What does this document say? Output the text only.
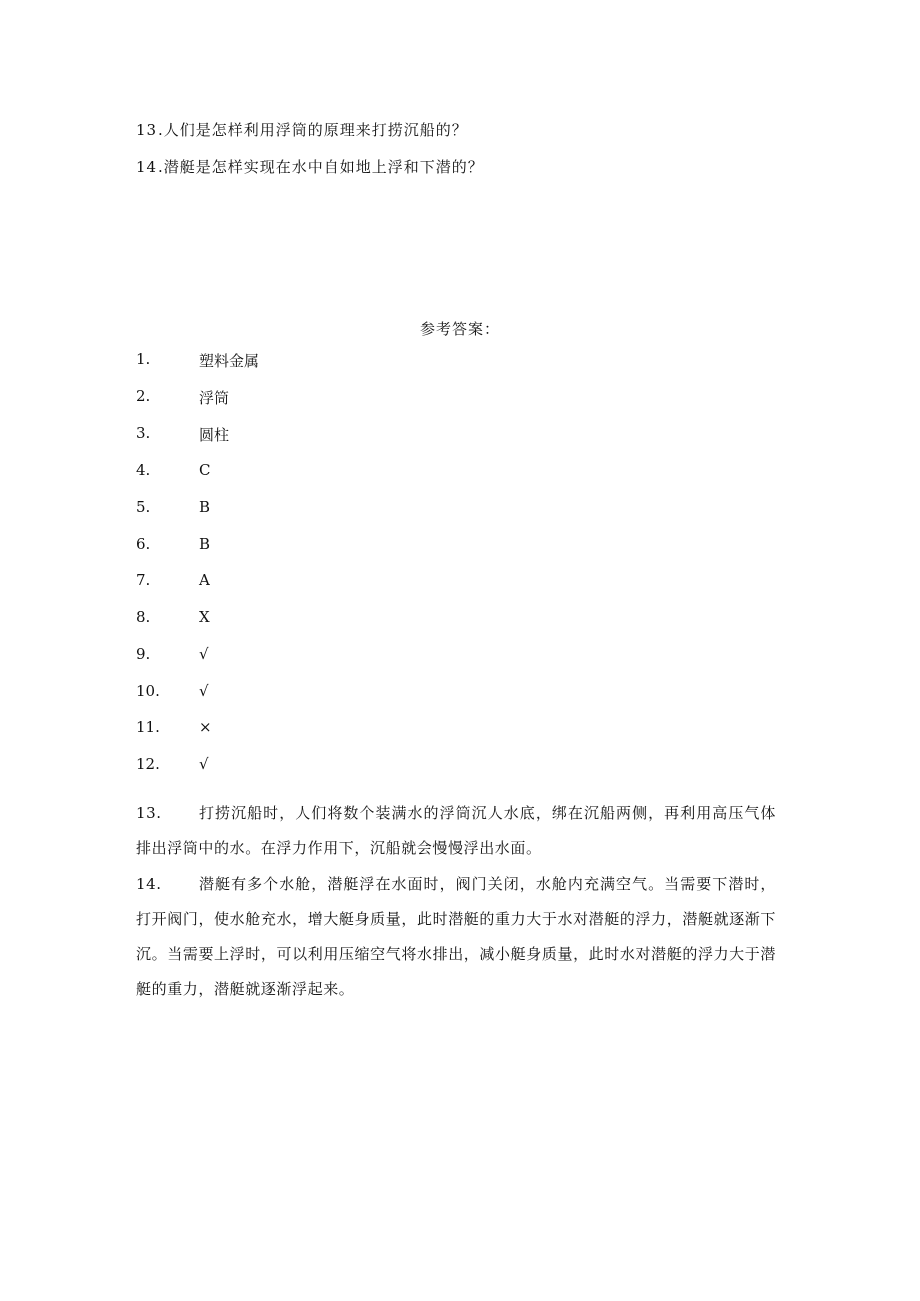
13.人们是怎样利用浮筒的原理来打捞沉船的？
14.潜艇是怎样实现在水中自如地上浮和下潜的？
参考答案：
1.	塑料金属
2.	浮筒
3.	圆柱
4.	C
5.	B
6.	B
7.	A
8.	X
9.	√
10.	√
11.	×
12.	√
13.	打捞沉船时，人们将数个装满水的浮筒沉人水底，绑在沉船两侧，再利用高压气体排出浮筒中的水。在浮力作用下，沉船就会慢慢浮出水面。
14.	潜艇有多个水舱，潜艇浮在水面时，阀门关闭，水舱内充满空气。当需要下潜时，打开阀门，使水舱充水，增大艇身质量，此时潜艇的重力大于水对潜艇的浮力，潜艇就逐渐下沉。当需要上浮时，可以利用压缩空气将水排出，减小艇身质量，此时水对潜艇的浮力大于潜艇的重力，潜艇就逐渐浮起来。
